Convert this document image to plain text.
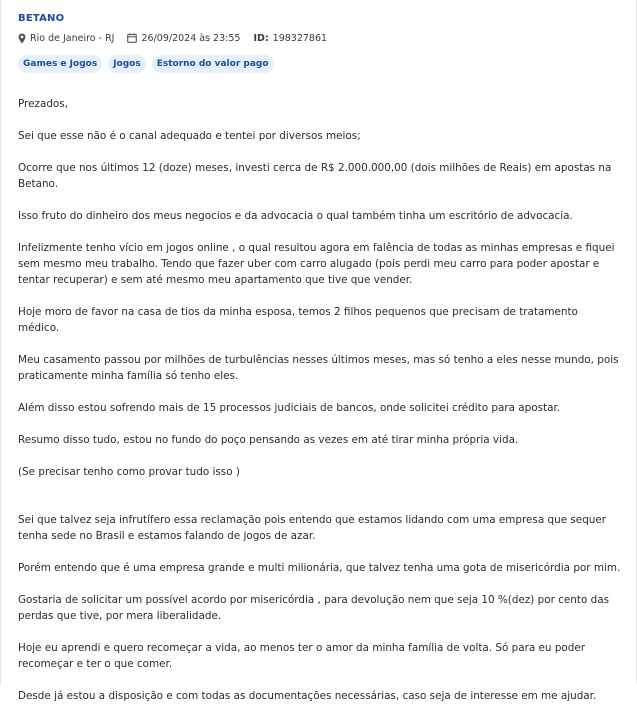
BETANO
Rio de Janeiro - RJ	26/09/2024 às 23:55 ID: 198327861
Games e Jogos	Jogos	Estorno do valor pago

Prezados,

Sei que esse não é o canal adequado e tentei por diversos meios;

Ocorre que nos últimos 12 (doze) meses, investi cerca de R$ 2.000.000,00 (dois milhões de Reais) em apostas na Betano.

Isso fruto do dinheiro dos meus negocios e da advocacia o qual também tinha um escritório de advocacia.

Infelizmente tenho vício em jogos online , o qual resultou agora em falência de todas as minhas empresas e fiquei sem mesmo meu trabalho. Tendo que fazer uber com carro alugado (pois perdi meu carro para poder apostar e tentar recuperar) e sem até mesmo meu apartamento que tive que vender.

Hoje moro de favor na casa de tios da minha esposa, temos 2 filhos pequenos que precisam de tratamento médico.

Meu casamento passou por milhões de turbulências nesses últimos meses, mas só tenho a eles nesse mundo, pois praticamente minha família só tenho eles.

Além disso estou sofrendo mais de 15 processos judiciais de bancos, onde solicitei crédito para apostar.

Resumo disso tudo, estou no fundo do poço pensando as vezes em até tirar minha própria vida.

(Se precisar tenho como provar tudo isso )

Sei que talvez seja infrutífero essa reclamação pois entendo que estamos lidando com uma empresa que sequer tenha sede no Brasil e estamos falando de jogos de azar.

Porém entendo que é uma empresa grande e multi milionária, que talvez tenha uma gota de misericórdia por mim.

Gostaria de solicitar um possível acordo por misericórdia , para devolução nem que seja 10 %(dez) por cento das perdas que tive, por mera liberalidade.

Hoje eu aprendi e quero recomeçar a vida, ao menos ter o amor da minha família de volta. Só para eu poder recomeçar e ter o que comer.

Desde já estou a disposição e com todas as documentações necessárias, caso seja de interesse em me ajudar.
